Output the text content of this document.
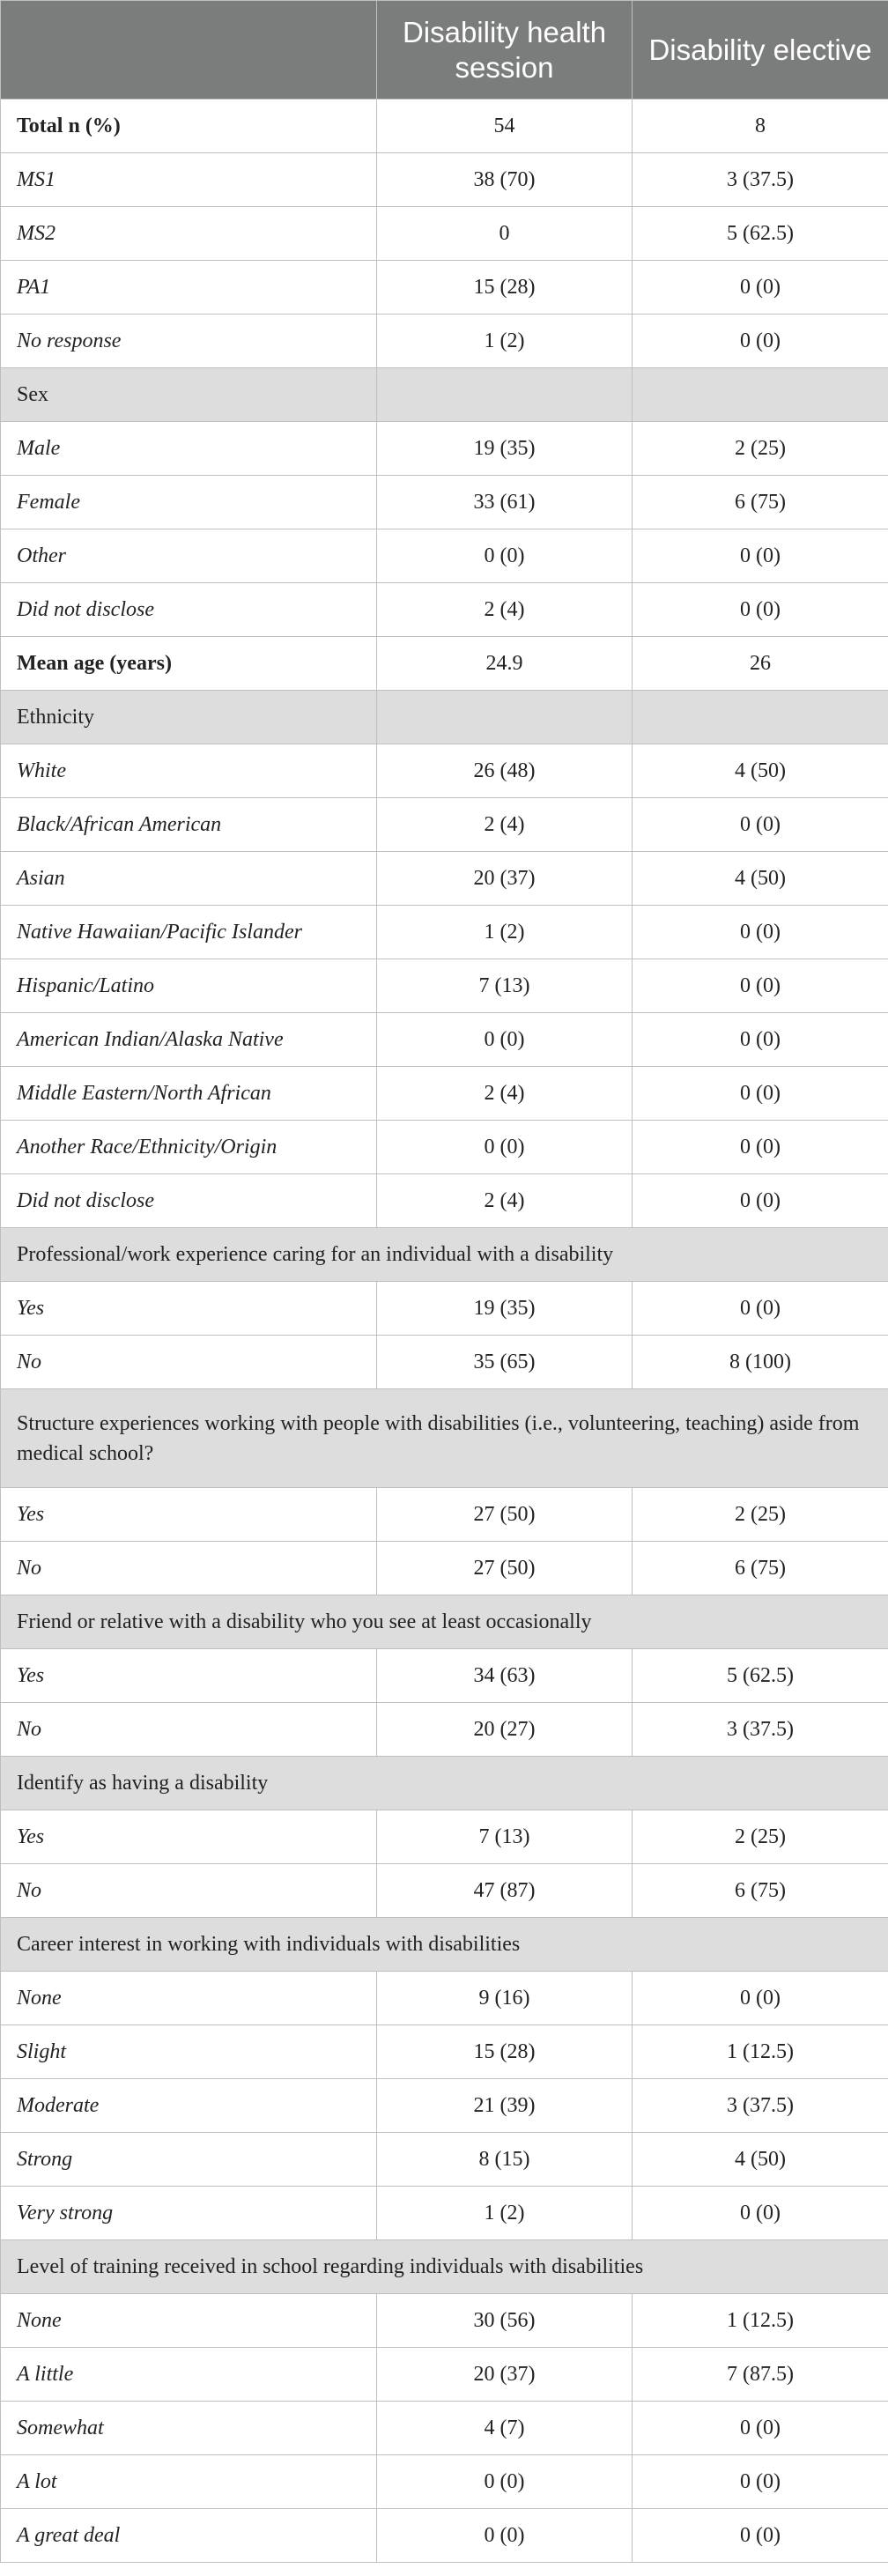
	Disability health session	Disability elective
Total n (%)	54	8
MS1	38 (70)	3 (37.5)
MS2	0	5 (62.5)
PA1	15 (28)	0 (0)
No response	1 (2)	0 (0)
Sex		
Male	19 (35)	2 (25)
Female	33 (61)	6 (75)
Other	0 (0)	0 (0)
Did not disclose	2 (4)	0 (0)
Mean age (years)	24.9	26
Ethnicity		
White	26 (48)	4 (50)
Black/African American	2 (4)	0 (0)
Asian	20 (37)	4 (50)
Native Hawaiian/Pacific Islander	1 (2)	0 (0)
Hispanic/Latino	7 (13)	0 (0)
American Indian/Alaska Native	0 (0)	0 (0)
Middle Eastern/North African	2 (4)	0 (0)
Another Race/Ethnicity/Origin	0 (0)	0 (0)
Did not disclose	2 (4)	0 (0)
Professional/work experience caring for an individual with a disability		
Yes	19 (35)	0 (0)
No	35 (65)	8 (100)
Structure experiences working with people with disabilities (i.e., volunteering, teaching) aside from medical school?		
Yes	27 (50)	2 (25)
No	27 (50)	6 (75)
Friend or relative with a disability who you see at least occasionally		
Yes	34 (63)	5 (62.5)
No	20 (27)	3 (37.5)
Identify as having a disability		
Yes	7 (13)	2 (25)
No	47 (87)	6 (75)
Career interest in working with individuals with disabilities		
None	9 (16)	0 (0)
Slight	15 (28)	1 (12.5)
Moderate	21 (39)	3 (37.5)
Strong	8 (15)	4 (50)
Very strong	1 (2)	0 (0)
Level of training received in school regarding individuals with disabilities		
None	30 (56)	1 (12.5)
A little	20 (37)	7 (87.5)
Somewhat	4 (7)	0 (0)
A lot	0 (0)	0 (0)
A great deal	0 (0)	0 (0)
